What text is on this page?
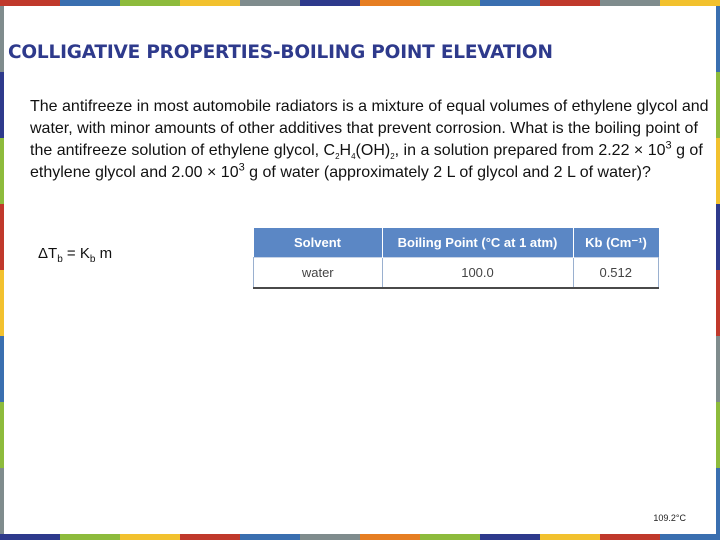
COLLIGATIVE PROPERTIES-BOILING POINT ELEVATION
The antifreeze in most automobile radiators is a mixture of equal volumes of ethylene glycol and water, with minor amounts of other additives that prevent corrosion. What is the boiling point of the antifreeze solution of ethylene glycol, $C_2H_4(OH)_2$, in a solution prepared from $2.22 \times 10^3$ g of ethylene glycol and $2.00 \times 10^3$ g of water (approximately 2 L of glycol and 2 L of water)?
$\Delta T_b = K_b$ m
Solvent	Boiling Point (°C at 1 atm)	Kb (Cm⁻¹)
water	100.0	0.512
109.2°C
